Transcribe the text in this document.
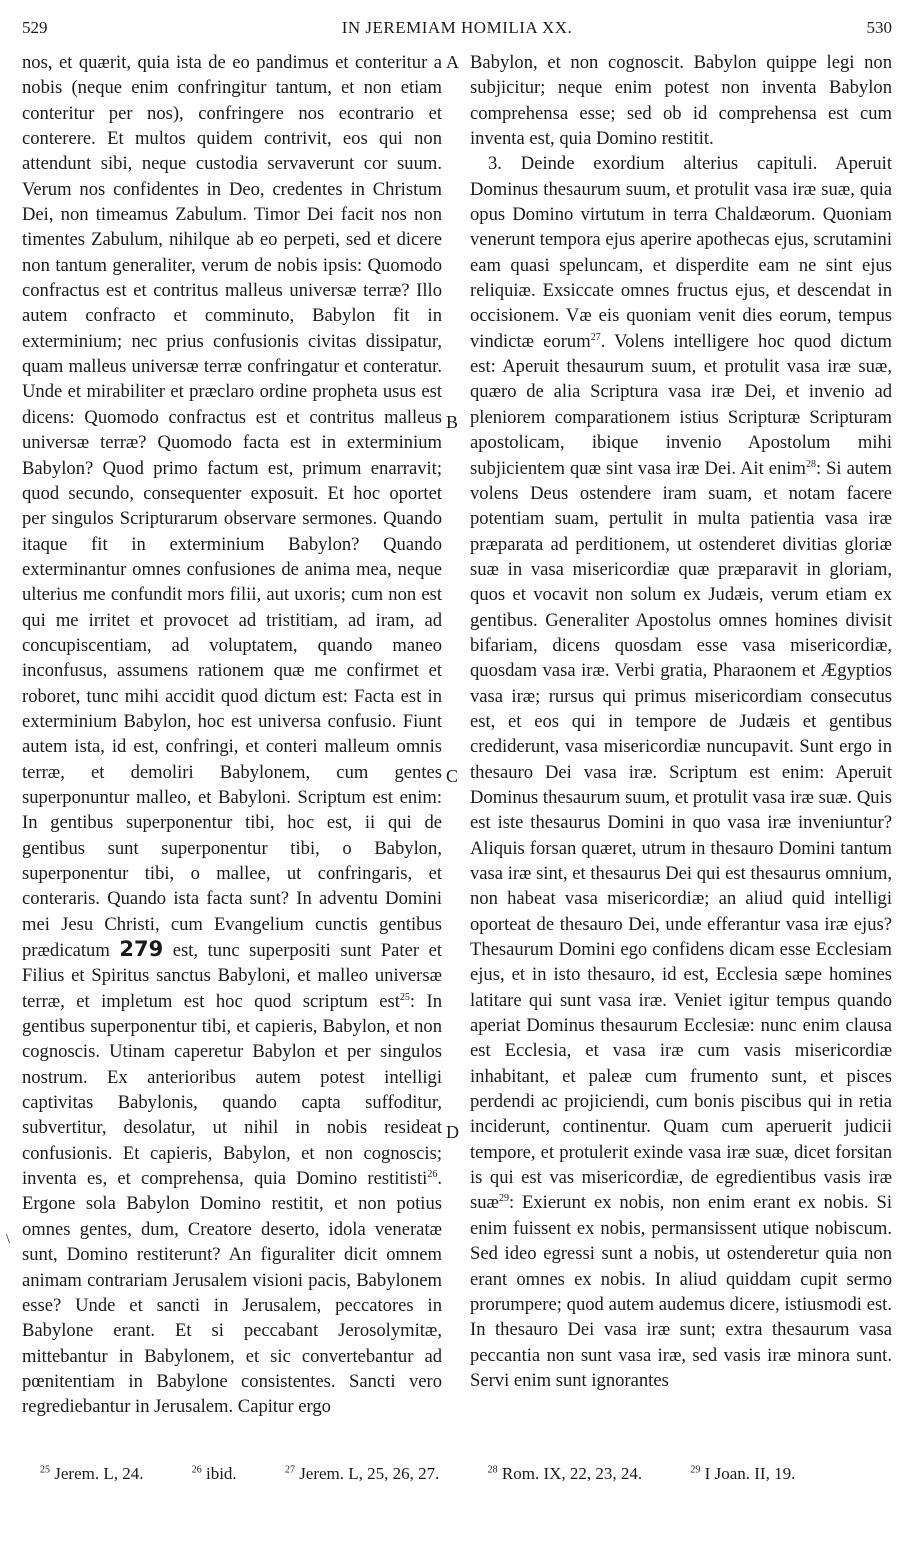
529	IN JEREMIAM HOMILIA XX.	530
A
B
C
D
\

nos, et quærit, quia ista de eo pandimus et conteritur a nobis (neque enim confringitur tantum, et non etiam conteritur per nos), confringere nos econtrario et conterere. Et multos quidem contrivit, eos qui non attendunt sibi, neque custodia servaverunt cor suum. Verum nos confidentes in Deo, credentes in Christum Dei, non timeamus Zabulum. Timor Dei facit nos non timentes Zabulum, nihilque ab eo perpeti, sed et dicere non tantum generaliter, verum de nobis ipsis: Quomodo confractus est et contritus malleus universæ terræ? Illo autem confracto et comminuto, Babylon fit in exterminium; nec prius confusionis civitas dissipatur, quam malleus universæ terræ confringatur et conteratur. Unde et mirabiliter et præclaro ordine propheta usus est dicens: Quomodo confractus est et contritus malleus universæ terræ? Quomodo facta est in exterminium Babylon? Quod primo factum est, primum enarravit; quod secundo, consequenter exposuit. Et hoc oportet per singulos Scripturarum observare sermones. Quando itaque fit in exterminium Babylon? Quando exterminantur omnes confusiones de anima mea, neque ulterius me confundit mors filii, aut uxoris; cum non est qui me irritet et provocet ad tristitiam, ad iram, ad concupiscentiam, ad voluptatem, quando maneo inconfusus, assumens rationem quæ me confirmet et roboret, tunc mihi accidit quod dictum est: Facta est in exterminium Babylon, hoc est universa confusio. Fiunt autem ista, id est, confringi, et conteri malleum omnis terræ, et demoliri Babylonem, cum gentes superponuntur malleo, et Babyloni. Scriptum est enim: In gentibus superponentur tibi, hoc est, ii qui de gentibus sunt superponentur tibi, o Babylon, superponentur tibi, o mallee, ut confringaris, et conteraris. Quando ista facta sunt? In adventu Domini mei Jesu Christi, cum Evangelium cunctis gentibus prædicatum 279 est, tunc superpositi sunt Pater et Filius et Spiritus sanctus Babyloni, et malleo universæ terræ, et impletum est hoc quod scriptum est$^{25}$: In gentibus superponentur tibi, et capieris, Babylon, et non cognoscis. Utinam caperetur Babylon et per singulos nostrum. Ex anterioribus autem potest intelligi captivitas Babylonis, quando capta suffoditur, subvertitur, desolatur, ut nihil in nobis resideat confusionis. Et capieris, Babylon, et non cognoscis; inventa es, et comprehensa, quia Domino restitisti$^{26}$. Ergone sola Babylon Domino restitit, et non potius omnes gentes, dum, Creatore deserto, idola veneratæ sunt, Domino restiterunt? An figuraliter dicit omnem animam contrariam Jerusalem visioni pacis, Babylonem esse? Unde et sancti in Jerusalem, peccatores in Babylone erant. Et si peccabant Jerosolymitæ, mittebantur in Babylonem, et sic convertebantur ad pœnitentiam in Babylone consistentes. Sancti vero regrediebantur in Jerusalem. Capitur ergo

Babylon, et non cognoscit. Babylon quippe legi non subjicitur; neque enim potest non inventa Babylon comprehensa esse; sed ob id comprehensa est cum inventa est, quia Domino restitit.

3. Deinde exordium alterius capituli. Aperuit Dominus thesaurum suum, et protulit vasa iræ suæ, quia opus Domino virtutum in terra Chaldæorum. Quoniam venerunt tempora ejus aperire apothecas ejus, scrutamini eam quasi speluncam, et disperdite eam ne sint ejus reliquiæ. Exsiccate omnes fructus ejus, et descendat in occisionem. Væ eis quoniam venit dies eorum, tempus vindictæ eorum$^{27}$. Volens intelligere hoc quod dictum est: Aperuit thesaurum suum, et protulit vasa iræ suæ, quæro de alia Scriptura vasa iræ Dei, et invenio ad pleniorem comparationem istius Scripturæ Scripturam apostolicam, ibique invenio Apostolum mihi subjicientem quæ sint vasa iræ Dei. Ait enim$^{28}$: Si autem volens Deus ostendere iram suam, et notam facere potentiam suam, pertulit in multa patientia vasa iræ præparata ad perditionem, ut ostenderet divitias gloriæ suæ in vasa misericordiæ quæ præparavit in gloriam, quos et vocavit non solum ex Judæis, verum etiam ex gentibus. Generaliter Apostolus omnes homines divisit bifariam, dicens quosdam esse vasa misericordiæ, quosdam vasa iræ. Verbi gratia, Pharaonem et Ægyptios vasa iræ; rursus qui primus misericordiam consecutus est, et eos qui in tempore de Judæis et gentibus crediderunt, vasa misericordiæ nuncupavit. Sunt ergo in thesauro Dei vasa iræ. Scriptum est enim: Aperuit Dominus thesaurum suum, et protulit vasa iræ suæ. Quis est iste thesaurus Domini in quo vasa iræ inveniuntur? Aliquis forsan quæret, utrum in thesauro Domini tantum vasa iræ sint, et thesaurus Dei qui est thesaurus omnium, non habeat vasa misericordiæ; an aliud quid intelligi oporteat de thesauro Dei, unde efferantur vasa iræ ejus? Thesaurum Domini ego confidens dicam esse Ecclesiam ejus, et in isto thesauro, id est, Ecclesia sæpe homines latitare qui sunt vasa iræ. Veniet igitur tempus quando aperiat Dominus thesaurum Ecclesiæ: nunc enim clausa est Ecclesia, et vasa iræ cum vasis misericordiæ inhabitant, et paleæ cum frumento sunt, et pisces perdendi ac projiciendi, cum bonis piscibus qui in retia inciderunt, continentur. Quam cum aperuerit judicii tempore, et protulerit exinde vasa iræ suæ, dicet forsitan is qui est vas misericordiæ, de egredientibus vasis iræ suæ$^{29}$: Exierunt ex nobis, non enim erant ex nobis. Si enim fuissent ex nobis, permansissent utique nobiscum. Sed ideo egressi sunt a nobis, ut ostenderetur quia non erant omnes ex nobis. In aliud quiddam cupit sermo prorumpere; quod autem audemus dicere, istiusmodi est. In thesauro Dei vasa iræ sunt; extra thesaurum vasa peccantia non sunt vasa iræ, sed vasis iræ minora sunt. Servi enim sunt ignorantes

$^{25}$ Jerem. L, 24.	$^{26}$ ibid.	$^{27}$ Jerem. L, 25, 26, 27.	$^{28}$ Rom. IX, 22, 23, 24.	$^{29}$ I Joan. II, 19.
